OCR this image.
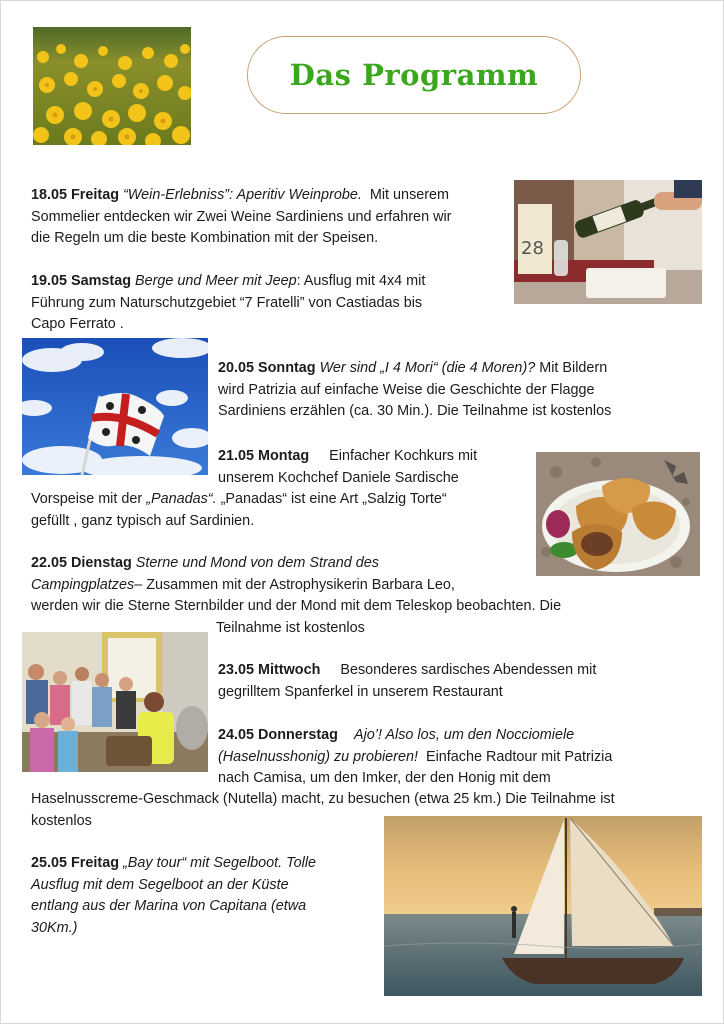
Das Programm
28
18.05 Freitag “Wein-Erlebniss”: Aperitiv Weinprobe. Mit unserem
Sommelier entdecken wir Zwei Weine Sardiniens und erfahren wir
die Regeln um die beste Kombination mit der Speisen.
19.05 Samstag Berge und Meer mit Jeep: Ausflug mit 4x4 mit
Führung zum Naturschutzgebiet “7 Fratelli” von Castiadas bis
Capo Ferrato .
20.05 Sonntag Wer sind „I 4 Mori“ (die 4 Moren)? Mit Bildern
wird Patrizia auf einfache Weise die Geschichte der Flagge
Sardiniens erzählen (ca. 30 Min.). Die Teilnahme ist kostenlos
21.05 Montag Einfacher Kochkurs mit
unserem Kochchef Daniele Sardische
Vorspeise mit der „Panadas“. „Panadas“ ist eine Art „Salzig Torte“
gefüllt , ganz typisch auf Sardinien.
22.05 Dienstag Sterne und Mond von dem Strand des
Campingplatzes– Zusammen mit der Astrophysikerin Barbara Leo,
werden wir die Sterne Sternbilder und der Mond mit dem Teleskop beobachten. Die
Teilnahme ist kostenlos
23.05 Mittwoch Besonderes sardisches Abendessen mit
gegrilltem Spanferkel in unserem Restaurant
24.05 Donnerstag Ajo’! Also los, um den Nocciomiele
(Haselnusshonig) zu probieren! Einfache Radtour mit Patrizia
nach Camisa, um den Imker, der den Honig mit dem
Haselnusscreme-Geschmack (Nutella) macht, zu besuchen (etwa 25 km.) Die Teilnahme ist
kostenlos
25.05 Freitag „Bay tour“ mit Segelboot. Tolle
Ausflug mit dem Segelboot an der Küste
entlang aus der Marina von Capitana (etwa
30Km.)
